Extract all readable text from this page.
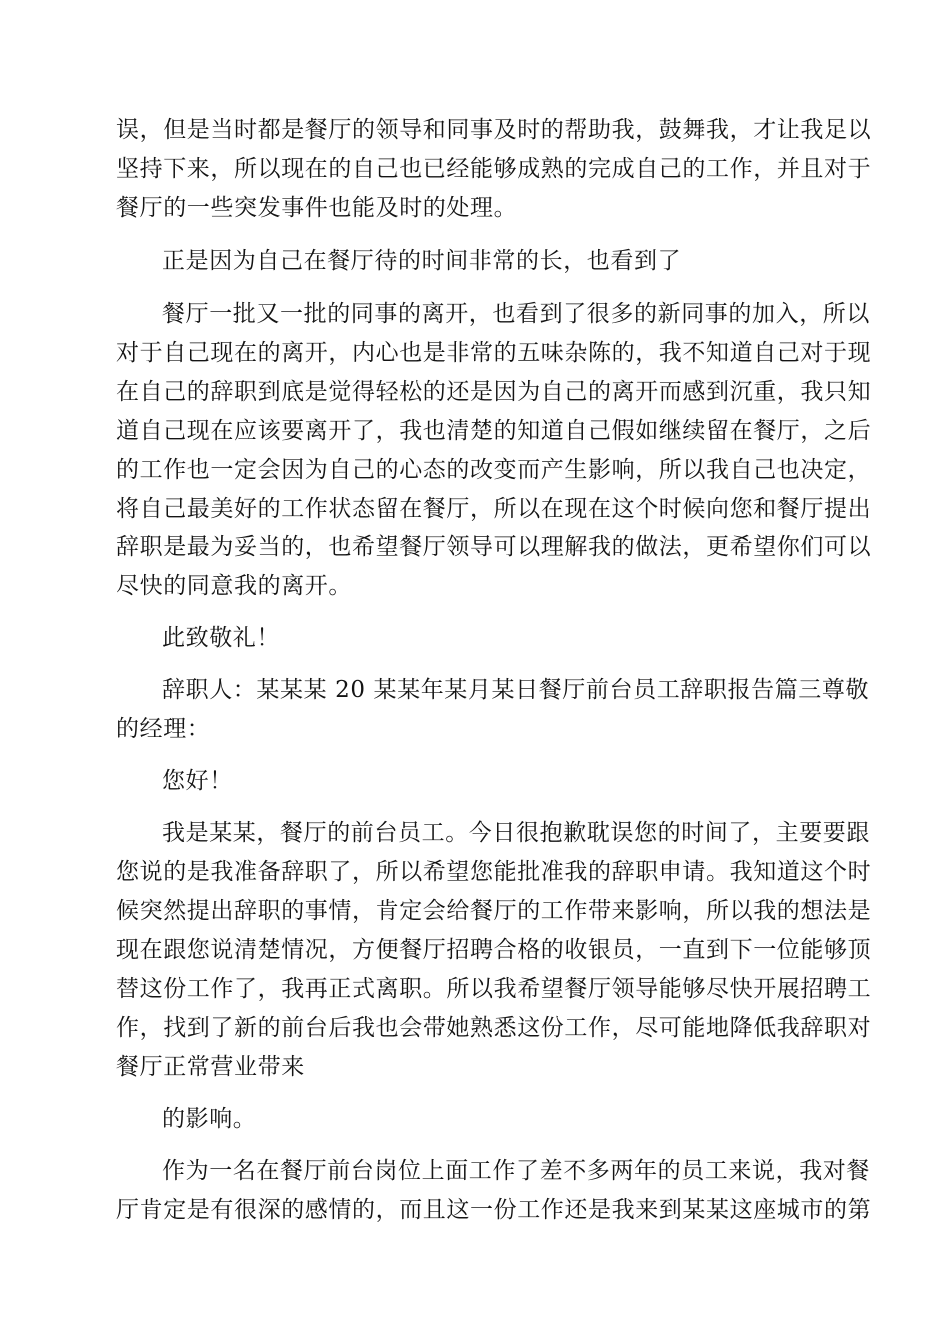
误，但是当时都是餐厅的领导和同事及时的帮助我，鼓舞我，才让我足以

坚持下来，所以现在的自己也已经能够成熟的完成自己的工作，并且对于

餐厅的一些突发事件也能及时的处理。

正是因为自己在餐厅待的时间非常的长，也看到了

餐厅一批又一批的同事的离开，也看到了很多的新同事的加入，所以

对于自己现在的离开，内心也是非常的五味杂陈的，我不知道自己对于现

在自己的辞职到底是觉得轻松的还是因为自己的离开而感到沉重，我只知

道自己现在应该要离开了，我也清楚的知道自己假如继续留在餐厅，之后

的工作也一定会因为自己的心态的改变而产生影响，所以我自己也决定，

将自己最美好的工作状态留在餐厅，所以在现在这个时候向您和餐厅提出

辞职是最为妥当的，也希望餐厅领导可以理解我的做法，更希望你们可以

尽快的同意我的离开。

此致敬礼！

辞职人：某某某 20 某某年某月某日餐厅前台员工辞职报告篇三尊敬

的经理：

您好！

我是某某，餐厅的前台员工。今日很抱歉耽误您的时间了，主要要跟

您说的是我准备辞职了，所以希望您能批准我的辞职申请。我知道这个时

候突然提出辞职的事情，肯定会给餐厅的工作带来影响，所以我的想法是

现在跟您说清楚情况，方便餐厅招聘合格的收银员，一直到下一位能够顶

替这份工作了，我再正式离职。所以我希望餐厅领导能够尽快开展招聘工

作，找到了新的前台后我也会带她熟悉这份工作，尽可能地降低我辞职对

餐厅正常营业带来

的影响。

作为一名在餐厅前台岗位上面工作了差不多两年的员工来说，我对餐

厅肯定是有很深的感情的，而且这一份工作还是我来到某某这座城市的第
